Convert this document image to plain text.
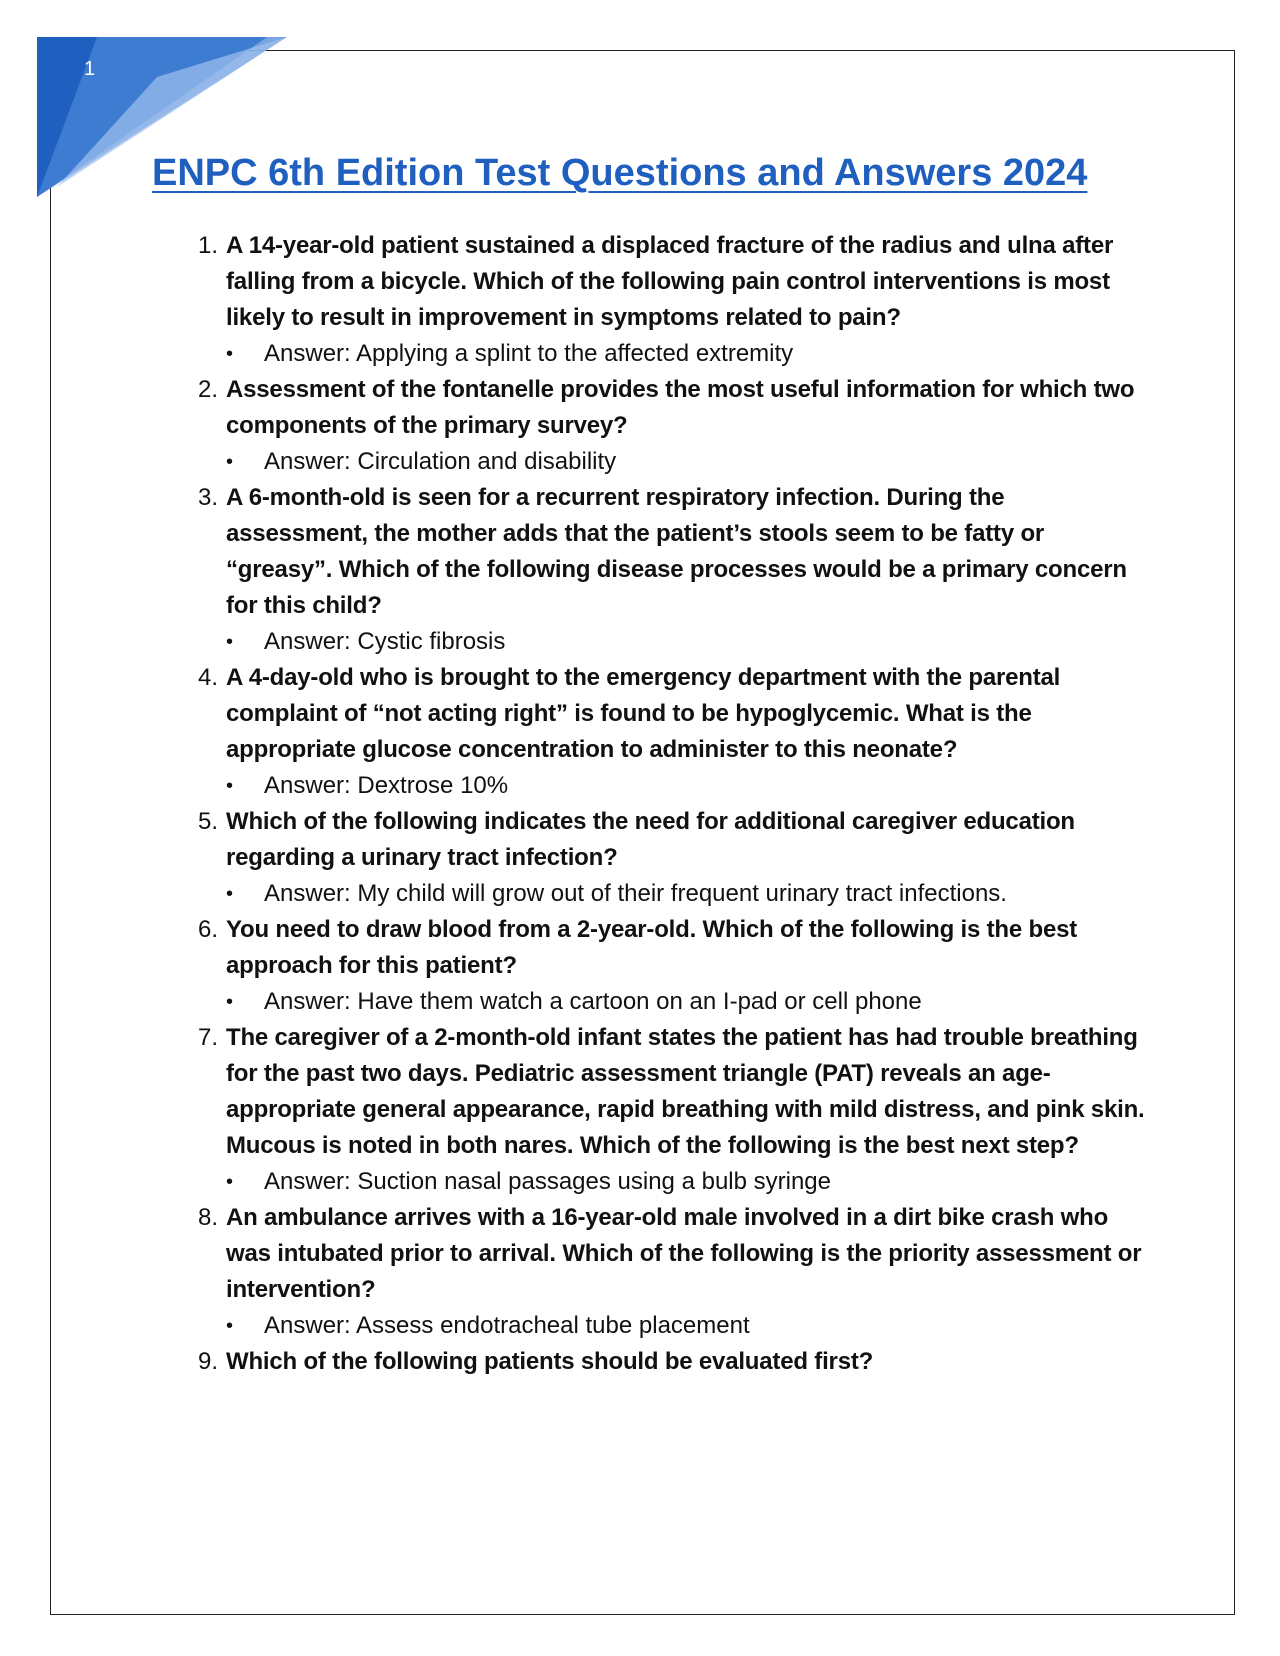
1
ENPC 6th Edition Test Questions and Answers 2024
1. A 14-year-old patient sustained a displaced fracture of the radius and ulna after falling from a bicycle. Which of the following pain control interventions is most likely to result in improvement in symptoms related to pain?

• Answer: Applying a splint to the affected extremity

2. Assessment of the fontanelle provides the most useful information for which two components of the primary survey?

• Answer: Circulation and disability

3. A 6-month-old is seen for a recurrent respiratory infection. During the assessment, the mother adds that the patient’s stools seem to be fatty or “greasy”. Which of the following disease processes would be a primary concern for this child?

• Answer: Cystic fibrosis

4. A 4-day-old who is brought to the emergency department with the parental complaint of “not acting right” is found to be hypoglycemic. What is the appropriate glucose concentration to administer to this neonate?

• Answer: Dextrose 10%

5. Which of the following indicates the need for additional caregiver education regarding a urinary tract infection?

• Answer: My child will grow out of their frequent urinary tract infections.

6. You need to draw blood from a 2-year-old. Which of the following is the best approach for this patient?

• Answer: Have them watch a cartoon on an I-pad or cell phone

7. The caregiver of a 2-month-old infant states the patient has had trouble breathing for the past two days. Pediatric assessment triangle (PAT) reveals an age-appropriate general appearance, rapid breathing with mild distress, and pink skin. Mucous is noted in both nares. Which of the following is the best next step?

• Answer: Suction nasal passages using a bulb syringe

8. An ambulance arrives with a 16-year-old male involved in a dirt bike crash who was intubated prior to arrival. Which of the following is the priority assessment or intervention?

• Answer: Assess endotracheal tube placement

9. Which of the following patients should be evaluated first?
